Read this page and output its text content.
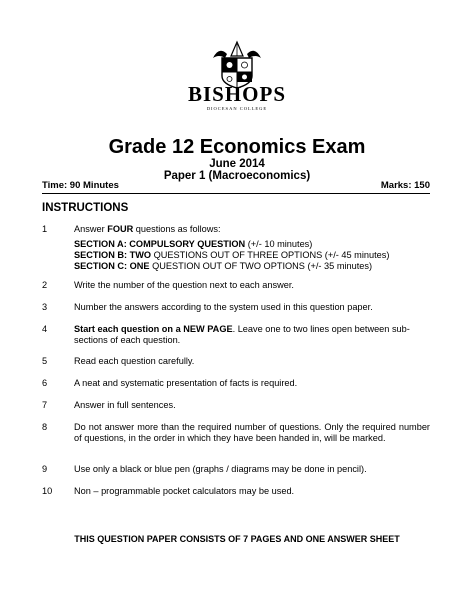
BISHOPS
DIOCESAN COLLEGE
Grade 12 Economics Exam
June 2014
Paper 1 (Macroeconomics)
Time: 90 Minutes	Marks: 150
INSTRUCTIONS
1	Answer FOUR questions as follows:
SECTION A: COMPULSORY QUESTION (+/- 10 minutes)
SECTION B: TWO QUESTIONS OUT OF THREE OPTIONS (+/- 45 minutes)
SECTION C: ONE QUESTION OUT OF TWO OPTIONS (+/- 35 minutes)
2	Write the number of the question next to each answer.
3	Number the answers according to the system used in this question paper.
4	Start each question on a NEW PAGE. Leave one to two lines open between sub-sections of each question.
5	Read each question carefully.
6	A neat and systematic presentation of facts is required.
7	Answer in full sentences.
8	Do not answer more than the required number of questions. Only the required number of questions, in the order in which they have been handed in, will be marked.
9	Use only a black or blue pen (graphs / diagrams may be done in pencil).
10	Non – programmable pocket calculators may be used.
THIS QUESTION PAPER CONSISTS OF 7 PAGES AND ONE ANSWER SHEET
